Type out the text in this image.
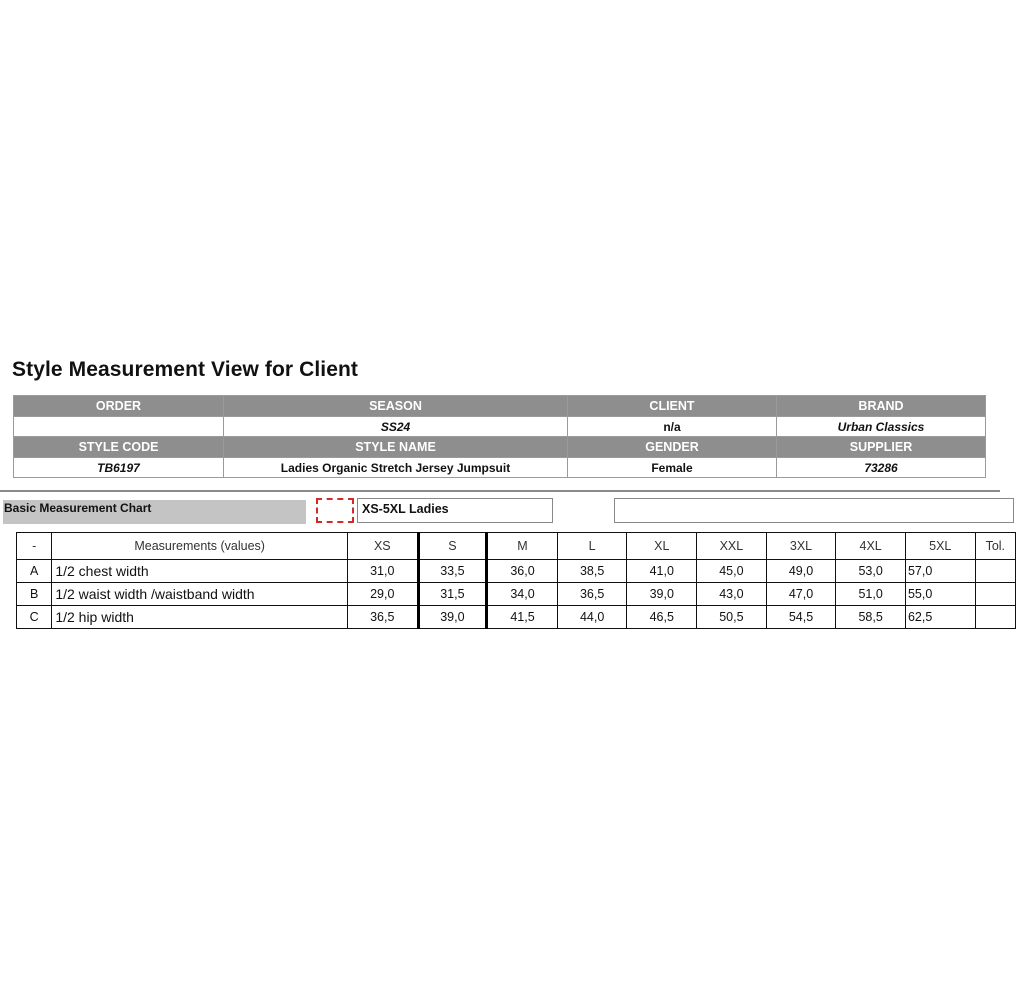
Style Measurement View for Client
ORDER	SEASON	CLIENT	BRAND
	SS24	n/a	Urban Classics
STYLE CODE	STYLE NAME	GENDER	SUPPLIER
TB6197	Ladies Organic Stretch Jersey Jumpsuit	Female	73286
Basic Measurement Chart	XS-5XL Ladies
-	Measurements (values)	XS	S	M	L	XL	XXL	3XL	4XL	5XL	Tol.
A	1/2 chest width	31,0	33,5	36,0	38,5	41,0	45,0	49,0	53,0	57,0	
B	1/2 waist width /waistband width	29,0	31,5	34,0	36,5	39,0	43,0	47,0	51,0	55,0	
C	1/2 hip width	36,5	39,0	41,5	44,0	46,5	50,5	54,5	58,5	62,5	
